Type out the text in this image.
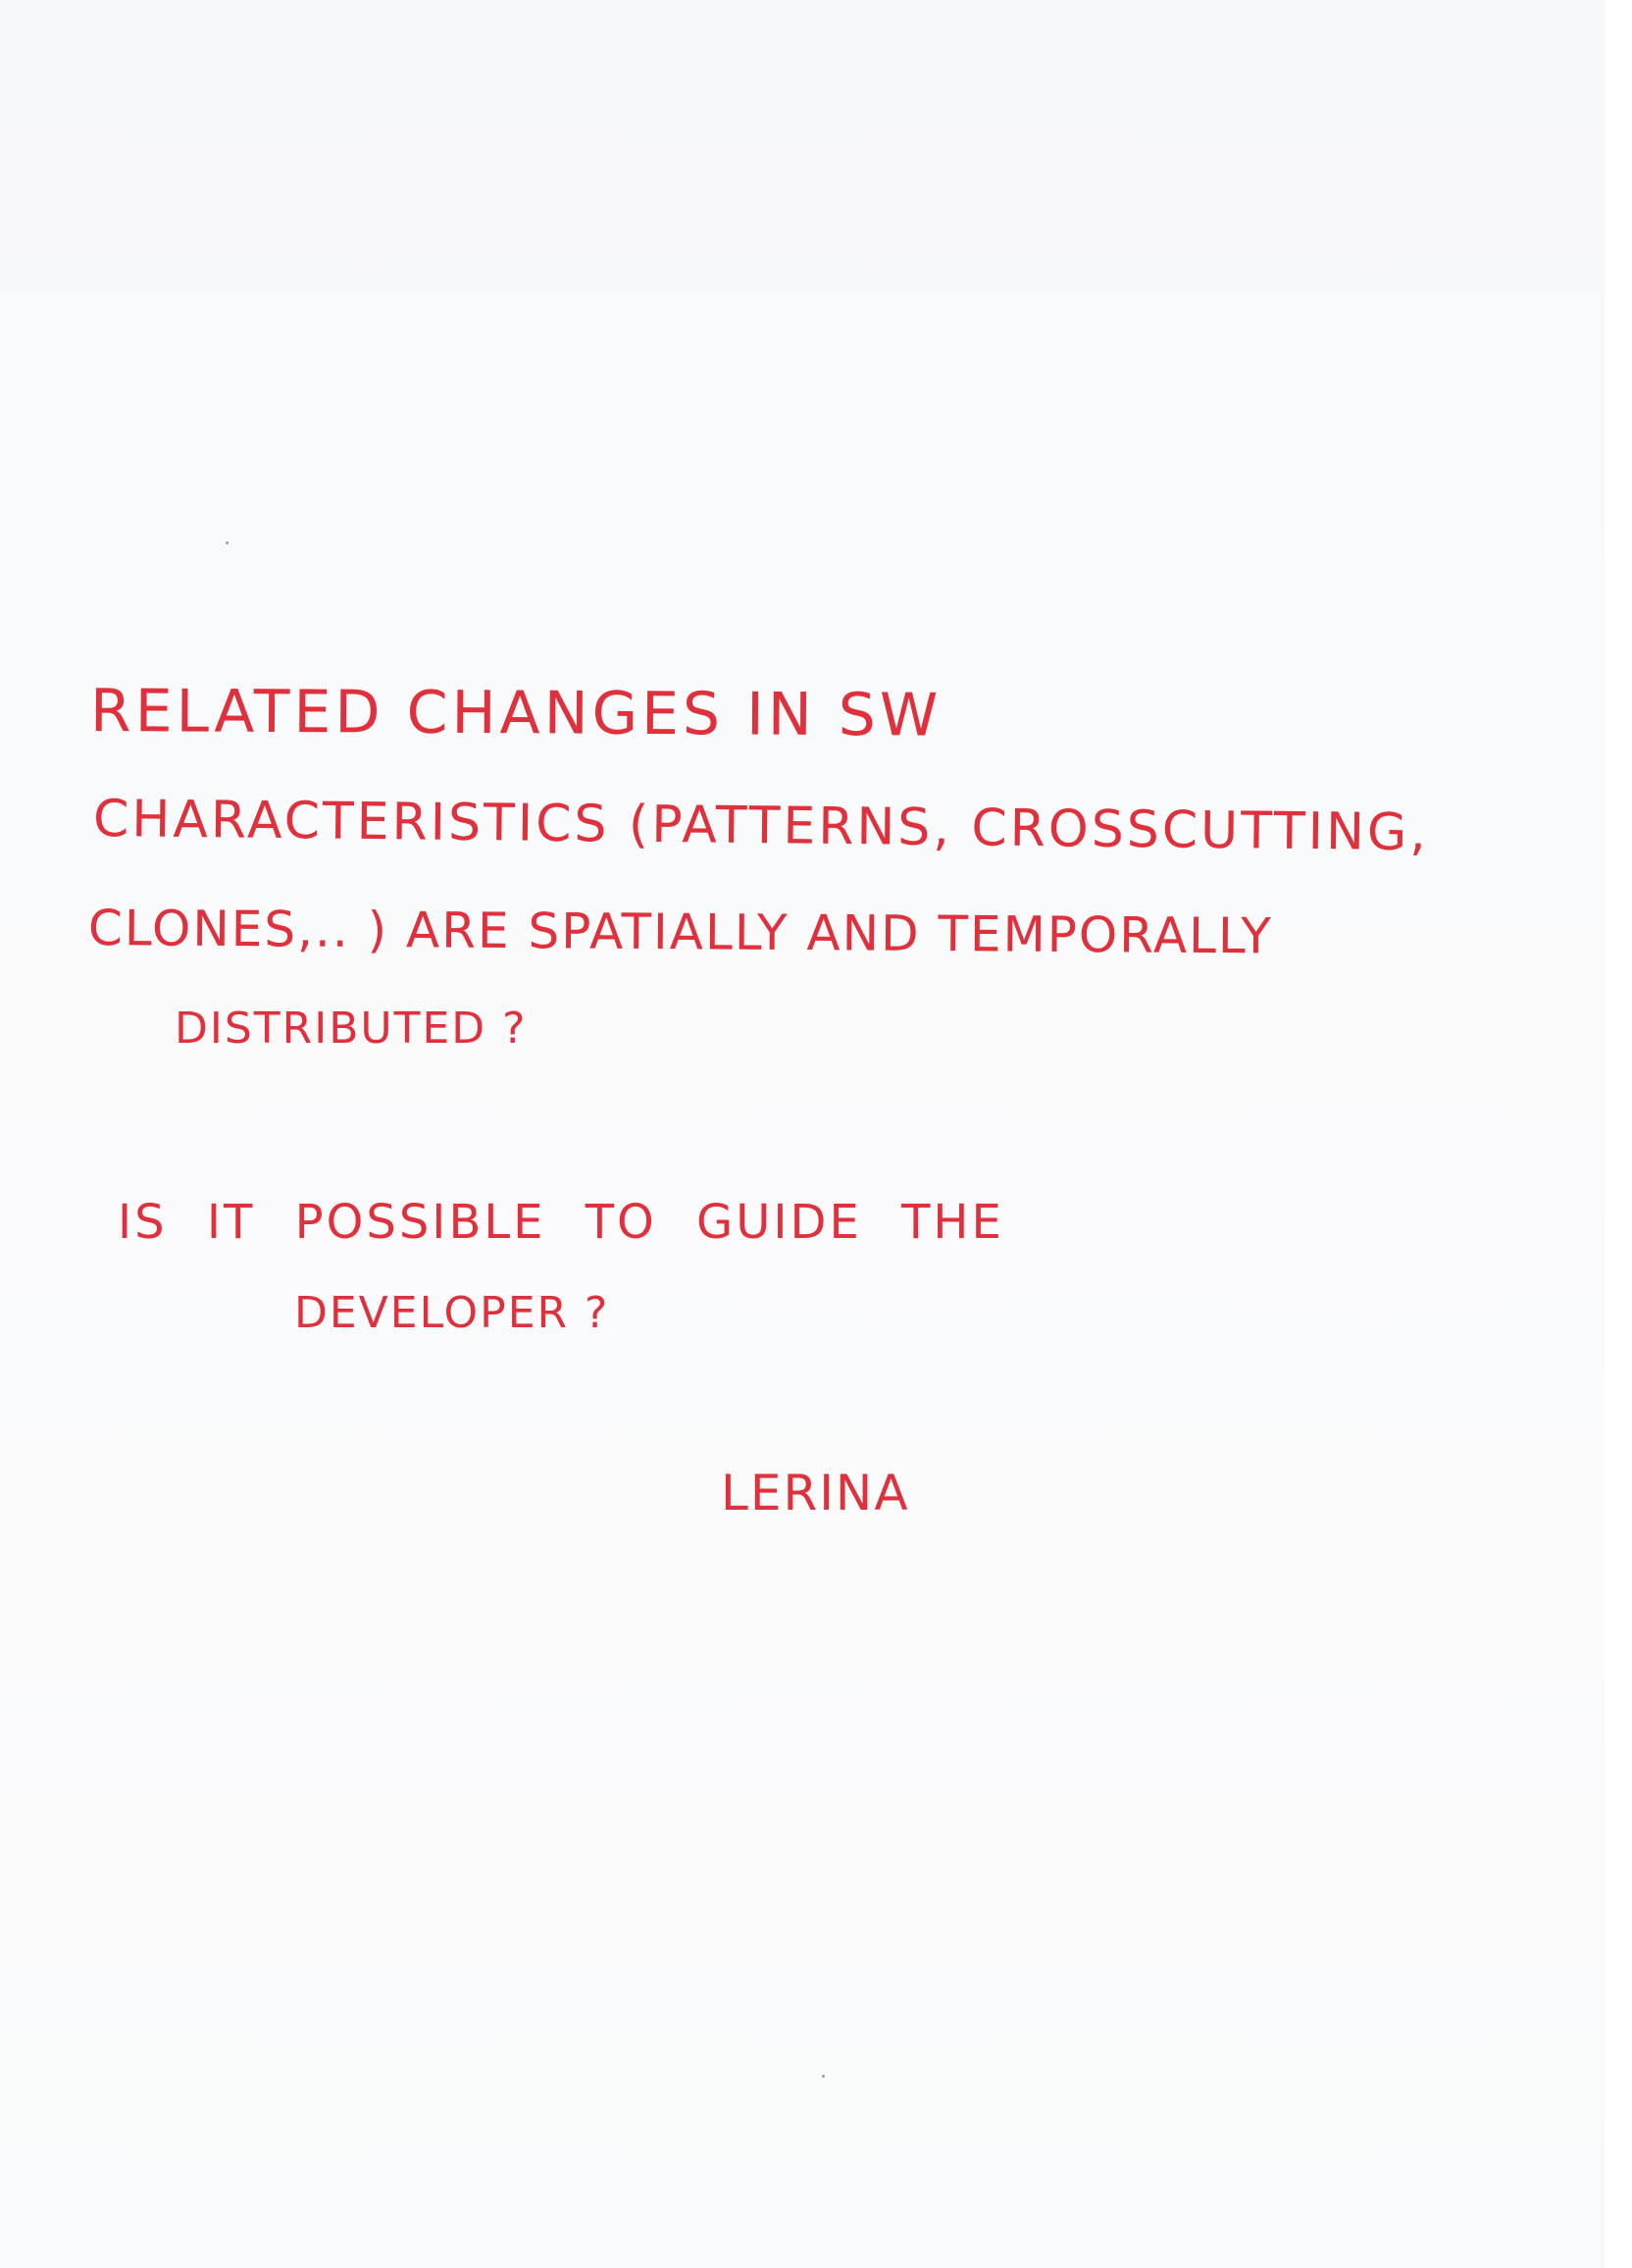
RELATED CHANGES IN SW
CHARACTERISTICS (PATTERNS, CROSSCUTTING,
CLONES,.. ) ARE SPATIALLY AND TEMPORALLY
DISTRIBUTED ?
IS IT POSSIBLE TO GUIDE THE
DEVELOPER ?
LERINA
